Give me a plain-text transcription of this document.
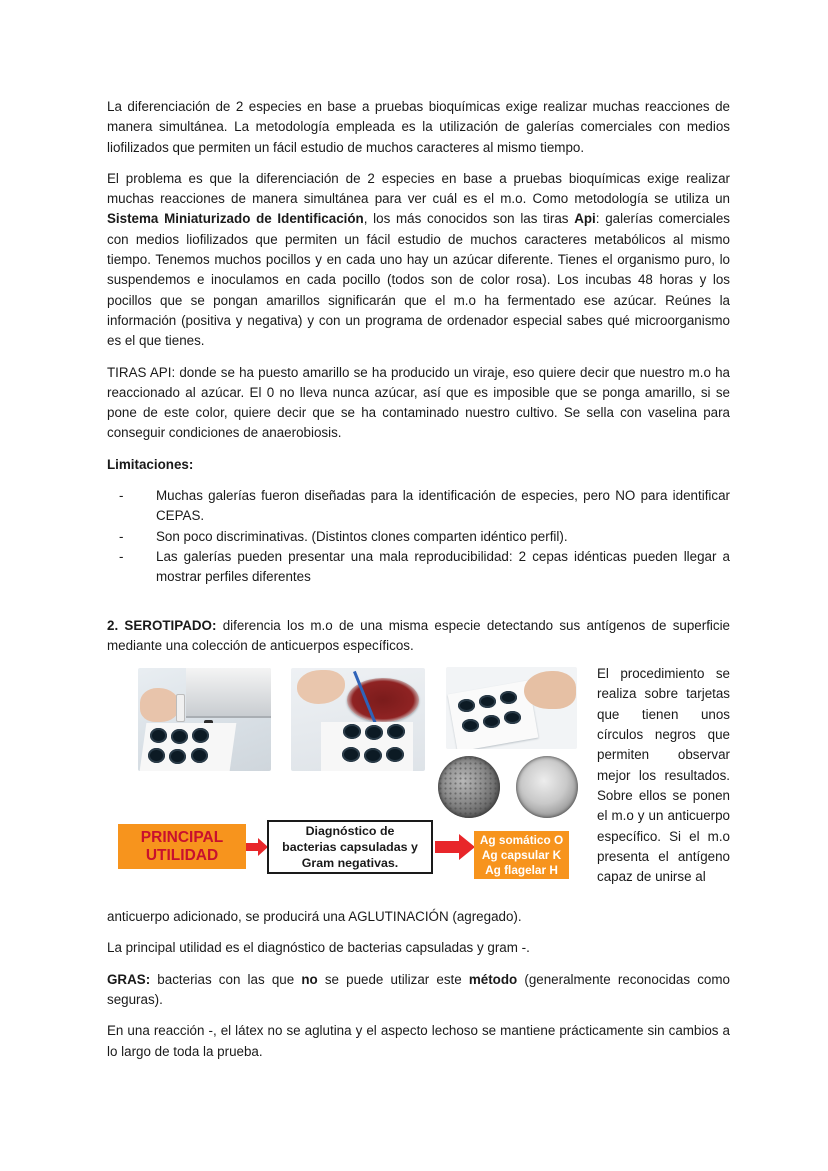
La diferenciación de 2 especies en base a pruebas bioquímicas exige realizar muchas reacciones de manera simultánea. La metodología empleada es la utilización de galerías comerciales con medios liofilizados que permiten un fácil estudio de muchos caracteres al mismo tiempo.

El problema es que la diferenciación de 2 especies en base a pruebas bioquímicas exige realizar muchas reacciones de manera simultánea para ver cuál es el m.o. Como metodología se utiliza un Sistema Miniaturizado de Identificación, los más conocidos son las tiras Api: galerías comerciales con medios liofilizados que permiten un fácil estudio de muchos caracteres metabólicos al mismo tiempo. Tenemos muchos pocillos y en cada uno hay un azúcar diferente. Tienes el organismo puro, lo suspendemos e inoculamos en cada pocillo (todos son de color rosa). Los incubas 48 horas y los pocillos que se pongan amarillos significarán que el m.o ha fermentado ese azúcar. Reúnes la información (positiva y negativa) y con un programa de ordenador especial sabes qué microorganismo es el que tienes.

TIRAS API: donde se ha puesto amarillo se ha producido un viraje, eso quiere decir que nuestro m.o ha reaccionado al azúcar. El 0 no lleva nunca azúcar, así que es imposible que se ponga amarillo, si se pone de este color, quiere decir que se ha contaminado nuestro cultivo. Se sella con vaselina para conseguir condiciones de anaerobiosis.

Limitaciones:
- Muchas galerías fueron diseñadas para la identificación de especies, pero NO para identificar CEPAS.
- Son poco discriminativas. (Distintos clones comparten idéntico perfil).
- Las galerías pueden presentar una mala reproducibilidad: 2 cepas idénticas pueden llegar a mostrar perfiles diferentes

2. SEROTIPADO: diferencia los m.o de una misma especie detectando sus antígenos de superficie mediante una colección de anticuerpos específicos.

PRINCIPAL
UTILIDAD
Diagnóstico de
bacterias capsuladas y
Gram negativas.
Ag somático O
Ag capsular K
Ag flagelar H
El procedimiento se realiza sobre tarjetas que tienen unos círculos negros que permiten observar mejor los resultados. Sobre ellos se ponen el m.o y un anticuerpo específico. Si el m.o presenta el antígeno capaz de unirse al

anticuerpo adicionado, se producirá una AGLUTINACIÓN (agregado).

La principal utilidad es el diagnóstico de bacterias capsuladas y gram -.

GRAS: bacterias con las que no se puede utilizar este método (generalmente reconocidas como seguras).

En una reacción -, el látex no se aglutina y el aspecto lechoso se mantiene prácticamente sin cambios a lo largo de toda la prueba.
